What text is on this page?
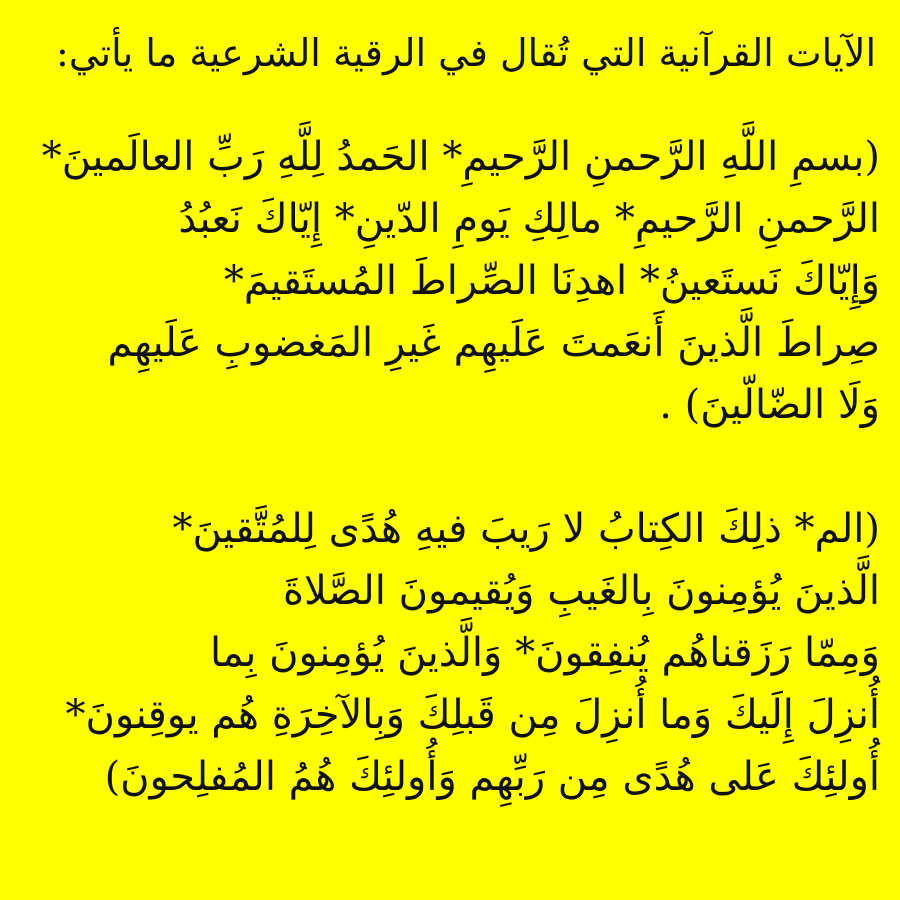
الآيات القرآنية التي تُقال في الرقية الشرعية ما يأتي:
(بسمِ اللَّهِ الرَّحمنِ الرَّحيمِ* الحَمدُ لِلَّهِ رَبِّ العالَمينَ*
الرَّحمنِ الرَّحيمِ* مالِكِ يَومِ الدّينِ* إِيّاكَ نَعبُدُ
وَإِيّاكَ نَستَعينُ* اهدِنَا الصِّراطَ المُستَقيمَ*
صِراطَ الَّذينَ أَنعَمتَ عَلَيهِم غَيرِ المَغضوبِ عَلَيهِم
وَلَا الضّالّينَ) .
(الم* ذلِكَ الكِتابُ لا رَيبَ فيهِ هُدًى لِلمُتَّقينَ*
الَّذينَ يُؤمِنونَ بِالغَيبِ وَيُقيمونَ الصَّلاةَ
وَمِمّا رَزَقناهُم يُنفِقونَ* وَالَّذينَ يُؤمِنونَ بِما
أُنزِلَ إِلَيكَ وَما أُنزِلَ مِن قَبلِكَ وَبِالآخِرَةِ هُم يوقِنونَ*
أُولئِكَ عَلى هُدًى مِن رَبِّهِم وَأُولئِكَ هُمُ المُفلِحونَ)
